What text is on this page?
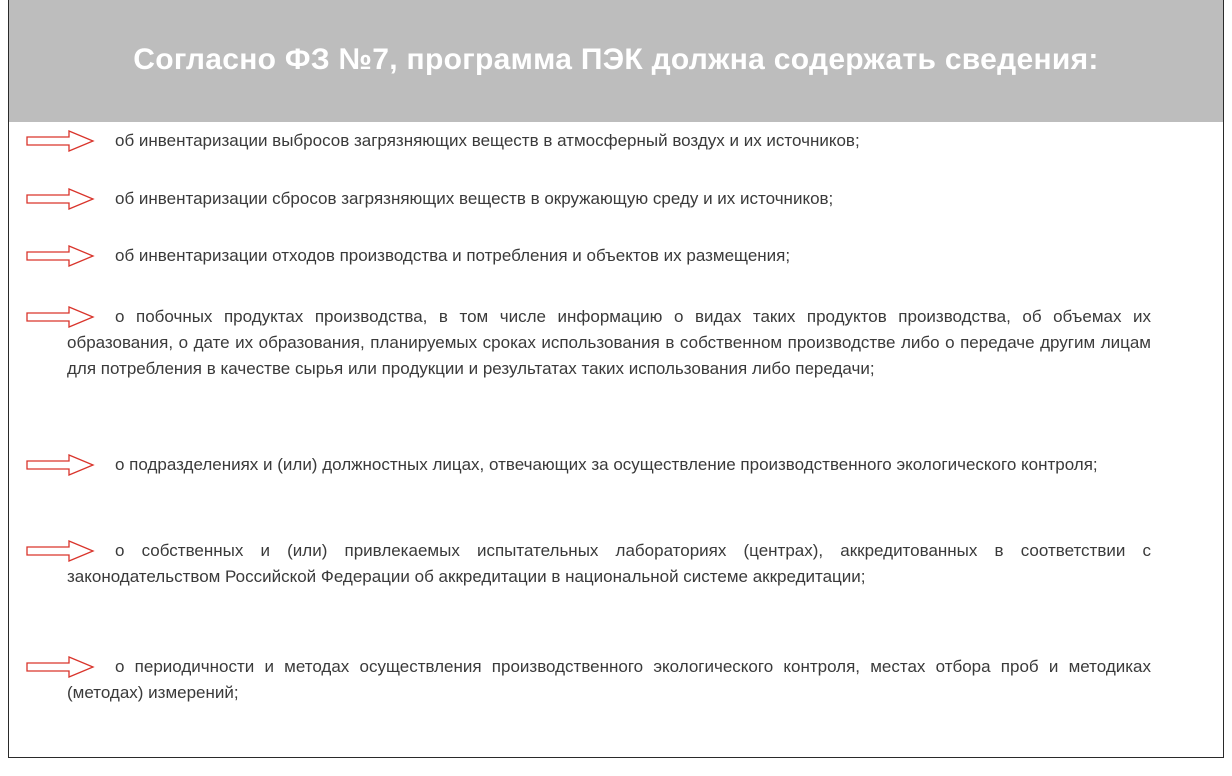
Согласно ФЗ №7, программа ПЭК должна содержать сведения:

об инвентаризации выбросов загрязняющих веществ в атмосферный воздух и их источников;

об инвентаризации сбросов загрязняющих веществ в окружающую среду и их источников;

об инвентаризации отходов производства и потребления и объектов их размещения;

о побочных продуктах производства, в том числе информацию о видах таких продуктов производства, об объемах их образования, о дате их образования, планируемых сроках использования в собственном производстве либо о передаче другим лицам для потребления в качестве сырья или продукции и результатах таких использования либо передачи;

о подразделениях и (или) должностных лицах, отвечающих за осуществление производственного экологического контроля;

о собственных и (или) привлекаемых испытательных лабораториях (центрах), аккредитованных в соответствии с законодательством Российской Федерации об аккредитации в национальной системе аккредитации;

о периодичности и методах осуществления производственного экологического контроля, местах отбора проб и методиках (методах) измерений;
